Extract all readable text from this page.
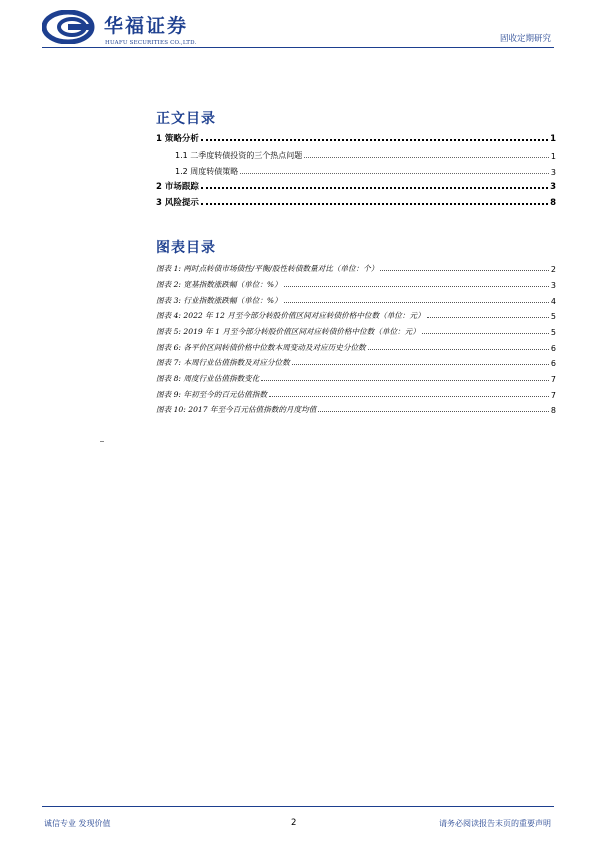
华福证券
HUAFU SECURITIES CO.,LTD.	固收定期研究
正文目录
1 策略分析	1
1.1 二季度转债投资的三个热点问题	1
1.2 周度转债策略	3
2 市场跟踪	3
3 风险提示	8
图表目录
图表 1: 两时点转债市场债性/平衡/股性转债数量对比（单位：个）	2
图表 2: 宽基指数涨跌幅（单位：%）	3
图表 3: 行业指数涨跌幅（单位：%）	4
图表 4: 2022 年 12 月至今部分转股价值区间对应转债价格中位数（单位：元）	5
图表 5: 2019 年 1 月至今部分转股价值区间对应转债价格中位数（单位：元）	5
图表 6: 各平价区间转债价格中位数本周变动及对应历史分位数	6
图表 7: 本周行业估值指数及对应分位数	6
图表 8: 周度行业估值指数变化	7
图表 9: 年初至今的百元估值指数	7
图表 10: 2017 年至今百元估值指数的月度均值	8
诚信专业 发现价值	2	请务必阅读报告末页的重要声明
